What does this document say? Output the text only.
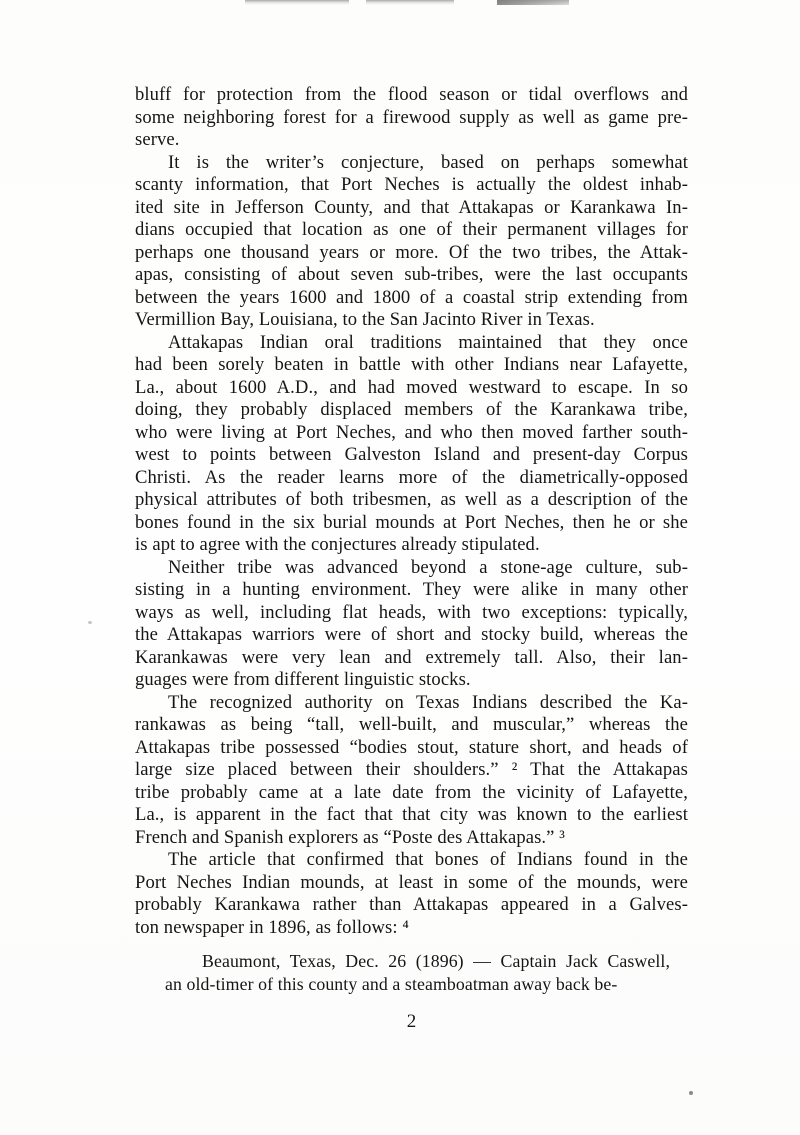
bluff for protection from the flood season or tidal overflows and
some neighboring forest for a firewood supply as well as game pre-
serve.
It is the writer’s conjecture, based on perhaps somewhat
scanty information, that Port Neches is actually the oldest inhab-
ited site in Jefferson County, and that Attakapas or Karankawa In-
dians occupied that location as one of their permanent villages for
perhaps one thousand years or more. Of the two tribes, the Attak-
apas, consisting of about seven sub-tribes, were the last occupants
between the years 1600 and 1800 of a coastal strip extending from
Vermillion Bay, Louisiana, to the San Jacinto River in Texas.
Attakapas Indian oral traditions maintained that they once
had been sorely beaten in battle with other Indians near Lafayette,
La., about 1600 A.D., and had moved westward to escape. In so
doing, they probably displaced members of the Karankawa tribe,
who were living at Port Neches, and who then moved farther south-
west to points between Galveston Island and present-day Corpus
Christi. As the reader learns more of the diametrically-opposed
physical attributes of both tribesmen, as well as a description of the
bones found in the six burial mounds at Port Neches, then he or she
is apt to agree with the conjectures already stipulated.
Neither tribe was advanced beyond a stone-age culture, sub-
sisting in a hunting environment. They were alike in many other
ways as well, including flat heads, with two exceptions: typically,
the Attakapas warriors were of short and stocky build, whereas the
Karankawas were very lean and extremely tall. Also, their lan-
guages were from different linguistic stocks.
The recognized authority on Texas Indians described the Ka-
rankawas as being “tall, well-built, and muscular,” whereas the
Attakapas tribe possessed “bodies stout, stature short, and heads of
large size placed between their shoulders.” ² That the Attakapas
tribe probably came at a late date from the vicinity of Lafayette,
La., is apparent in the fact that that city was known to the earliest
French and Spanish explorers as “Poste des Attakapas.” ³
The article that confirmed that bones of Indians found in the
Port Neches Indian mounds, at least in some of the mounds, were
probably Karankawa rather than Attakapas appeared in a Galves-
ton newspaper in 1896, as follows: ⁴
Beaumont, Texas, Dec. 26 (1896) — Captain Jack Caswell,
an old-timer of this county and a steamboatman away back be-
2
